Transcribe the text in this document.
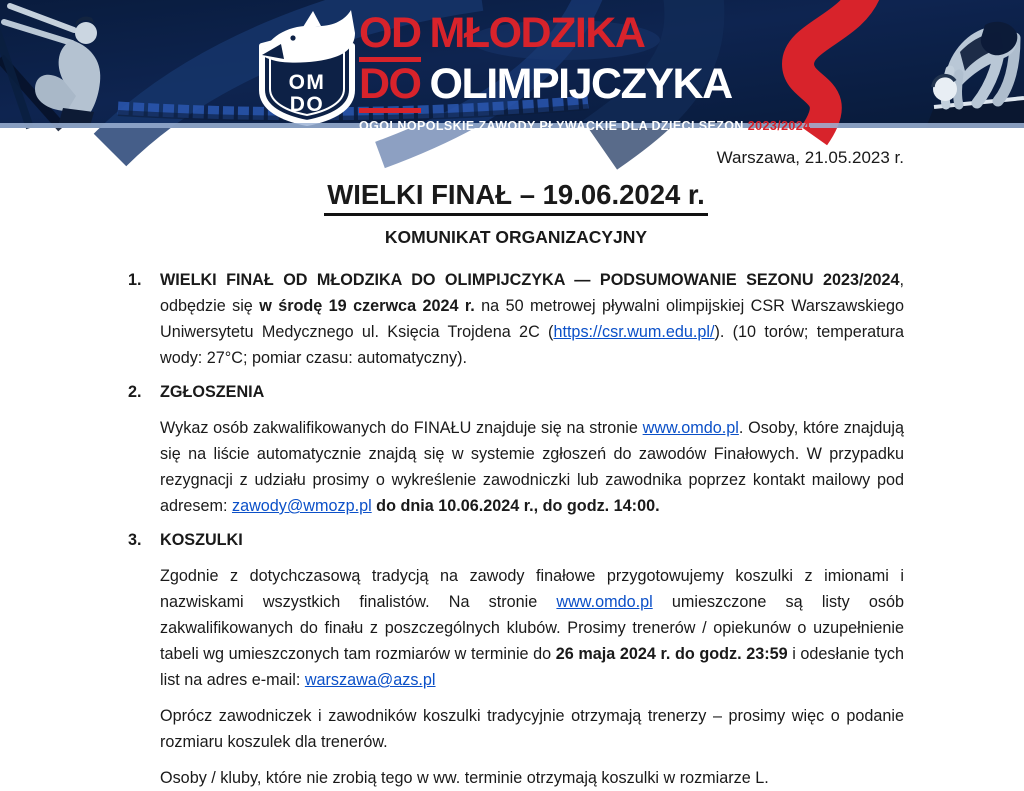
OM
DO
OD MŁODZIKA
DO OLIMPIJCZYKA
OGOLNOPOLSKIE ZAWODY PŁYWACKIE DLA DZIECI SEZON 2023/2024
Warszawa, 21.05.2023 r.
WIELKI FINAŁ – 19.06.2024 r.
KOMUNIKAT ORGANIZACYJNY
1.	WIELKI FINAŁ OD MŁODZIKA DO OLIMPIJCZYKA — PODSUMOWANIE SEZONU 2023/2024, odbędzie się w środę 19 czerwca 2024 r. na 50 metrowej pływalni olimpijskiej CSR Warszawskiego Uniwersytetu Medycznego ul. Księcia Trojdena 2C (https://csr.wum.edu.pl/). (10 torów; temperatura wody: 27°C; pomiar czasu: automatyczny).

2.	ZGŁOSZENIA

Wykaz osób zakwalifikowanych do FINAŁU znajduje się na stronie www.omdo.pl. Osoby, które znajdują się na liście automatycznie znajdą się w systemie zgłoszeń do zawodów Finałowych. W przypadku rezygnacji z udziału prosimy o wykreślenie zawodniczki lub zawodnika poprzez kontakt mailowy pod adresem: zawody@wmozp.pl do dnia 10.06.2024 r., do godz. 14:00.

3.	KOSZULKI

Zgodnie z dotychczasową tradycją na zawody finałowe przygotowujemy koszulki z imionami i nazwiskami wszystkich finalistów. Na stronie www.omdo.pl umieszczone są listy osób zakwalifikowanych do finału z poszczególnych klubów. Prosimy trenerów / opiekunów o uzupełnienie tabeli wg umieszczonych tam rozmiarów w terminie do 26 maja 2024 r. do godz. 23:59 i odesłanie tych list na adres e-mail: warszawa@azs.pl

Oprócz zawodniczek i zawodników koszulki tradycyjnie otrzymają trenerzy – prosimy więc o podanie rozmiaru koszulek dla trenerów.

Osoby / kluby, które nie zrobią tego w ww. terminie otrzymają koszulki w rozmiarze L.
